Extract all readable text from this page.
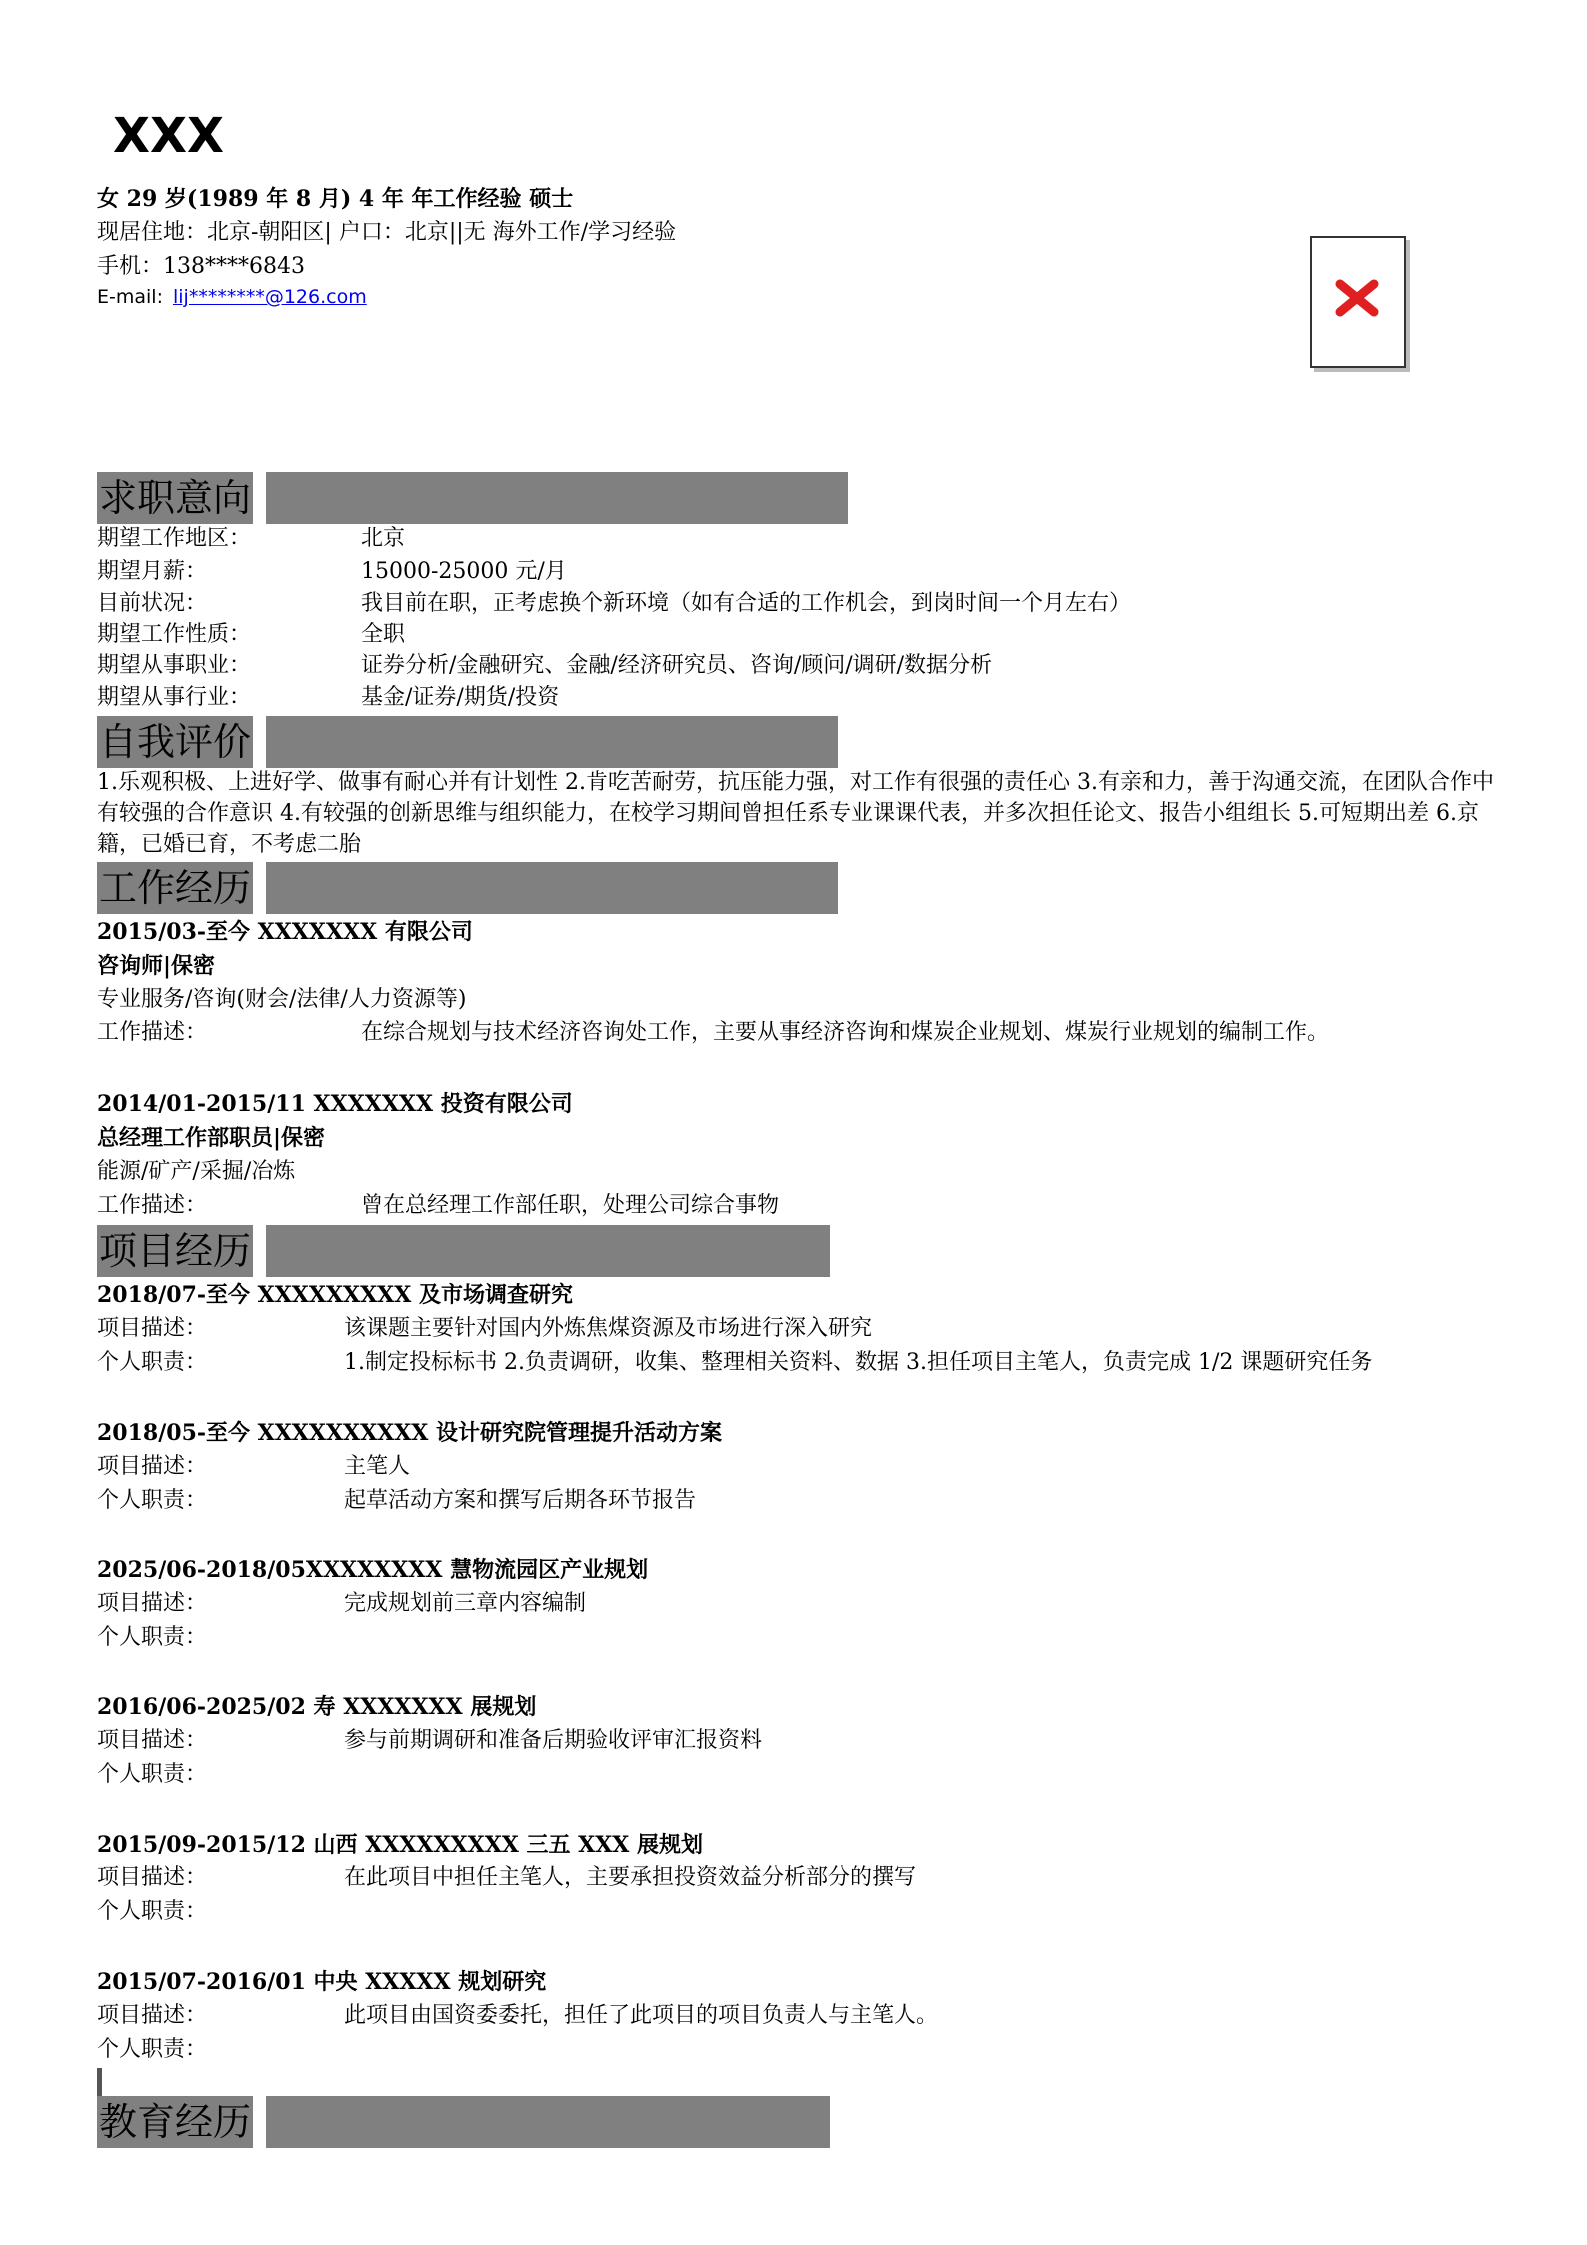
XXX
女 29 岁(1989 年 8 月) 4 年 年工作经验 硕士
现居住地：北京-朝阳区| 户口：北京||无 海外工作/学习经验
手机：138****6843
E-mail: lij********@126.com
求职意向
期望工作地区：	北京
期望月薪：	15000-25000 元/月
目前状况：	我目前在职，正考虑换个新环境（如有合适的工作机会，到岗时间一个月左右）
期望工作性质：	全职
期望从事职业：	证券分析/金融研究、金融/经济研究员、咨询/顾问/调研/数据分析
期望从事行业：	基金/证券/期货/投资
自我评价
1.乐观积极、上进好学、做事有耐心并有计划性 2.肯吃苦耐劳，抗压能力强，对工作有很强的责任心 3.有亲和力，善于沟通交流，在团队合作中有较强的合作意识 4.有较强的创新思维与组织能力，在校学习期间曾担任系专业课课代表，并多次担任论文、报告小组组长 5.可短期出差 6.京籍，已婚已育，不考虑二胎
工作经历
2015/03-至今 XXXXXXX 有限公司
咨询师|保密
专业服务/咨询(财会/法律/人力资源等)
工作描述：	在综合规划与技术经济咨询处工作，主要从事经济咨询和煤炭企业规划、煤炭行业规划的编制工作。
2014/01-2015/11 XXXXXXX 投资有限公司
总经理工作部职员|保密
能源/矿产/采掘/冶炼
工作描述：	曾在总经理工作部任职，处理公司综合事物
项目经历
2018/07-至今 XXXXXXXXX 及市场调查研究
项目描述：	该课题主要针对国内外炼焦煤资源及市场进行深入研究
个人职责：	1.制定投标标书 2.负责调研，收集、整理相关资料、数据 3.担任项目主笔人，负责完成 1/2 课题研究任务
2018/05-至今 XXXXXXXXXX 设计研究院管理提升活动方案
项目描述：	主笔人
个人职责：	起草活动方案和撰写后期各环节报告
2025/06-2018/05XXXXXXXX 慧物流园区产业规划
项目描述：	完成规划前三章内容编制
个人职责：
2016/06-2025/02 寿 XXXXXXX 展规划
项目描述：	参与前期调研和准备后期验收评审汇报资料
个人职责：
2015/09-2015/12 山西 XXXXXXXXX 三五 XXX 展规划
项目描述：	在此项目中担任主笔人，主要承担投资效益分析部分的撰写
个人职责：
2015/07-2016/01 中央 XXXXX 规划研究
项目描述：	此项目由国资委委托，担任了此项目的项目负责人与主笔人。
个人职责：
教育经历
